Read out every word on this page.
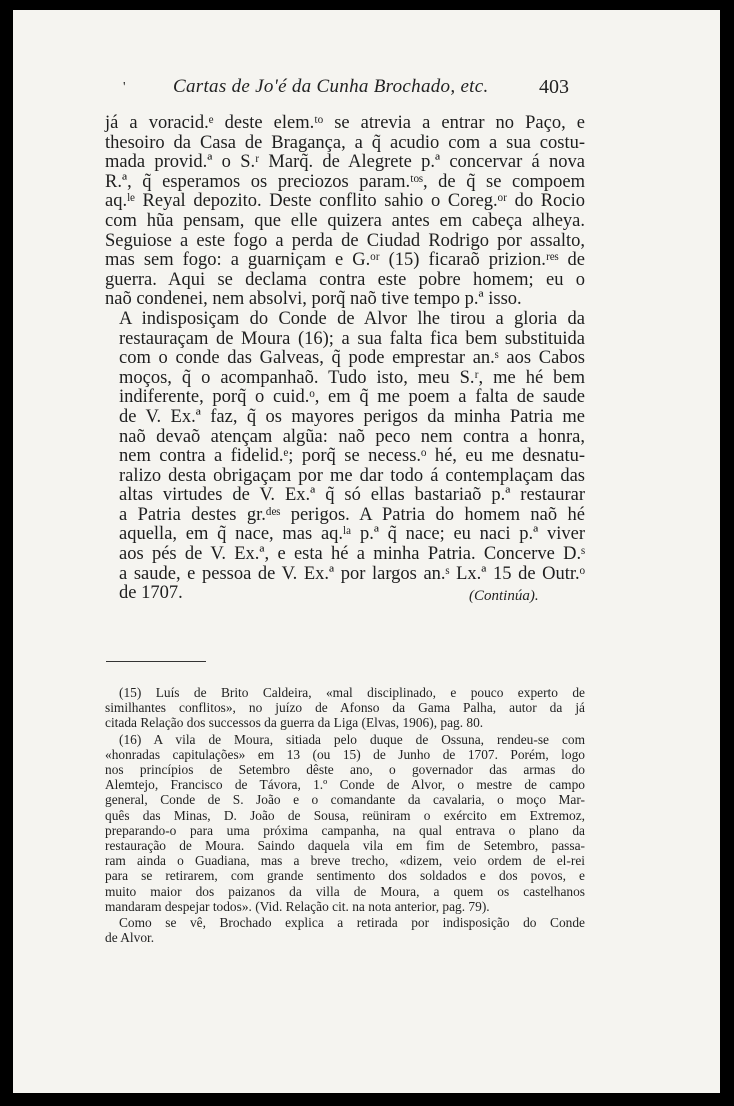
' Cartas de Jo'é da Cunha Brochado, etc.	403

já a voracid.ᵉ deste elem.ᵗᵒ se atrevia a entrar no Paço, e
thesoiro da Casa de Bragança, a q̃ acudio com a sua costu-
mada provid.ª o S.ʳ Marq̃. de Alegrete p.ª concervar á nova
R.ª, q̃ esperamos os preciozos param.ᵗᵒˢ, de q̃ se compoem
aq.ˡᵉ Reyal depozito. Deste conflito sahio o Coreg.ᵒʳ do Rocio
com hũa pensam, que elle quizera antes em cabeça alheya.
Seguiose a este fogo a perda de Ciudad Rodrigo por assalto,
mas sem fogo: a guarniçam e G.ᵒʳ (15) ficaraõ prizion.ʳᵉˢ de
guerra. Aqui se declama contra este pobre homem; eu o
naõ condenei, nem absolvi, porq̃ naõ tive tempo p.ª isso.

A indisposiçam do Conde de Alvor lhe tirou a gloria da
restauraçam de Moura (16); a sua falta fica bem substituida
com o conde das Galveas, q̃ pode emprestar an.ˢ aos Cabos
moços, q̃ o acompanhaõ. Tudo isto, meu S.ʳ, me hé bem
indiferente, porq̃ o cuid.ᵒ, em q̃ me poem a falta de saude
de V. Ex.ª faz, q̃ os mayores perigos da minha Patria me
naõ devaõ atençam algũa: naõ peco nem contra a honra,
nem contra a fidelid.ᵉ; porq̃ se necess.ᵒ hé, eu me desnatu-
ralizo desta obrigaçam por me dar todo á contemplaçam das
altas virtudes de V. Ex.ª q̃ só ellas bastariaõ p.ª restaurar
a Patria destes gr.ᵈᵉˢ perigos. A Patria do homem naõ hé
aquella, em q̃ nace, mas aq.ˡᵃ p.ª q̃ nace; eu naci p.ª viver
aos pés de V. Ex.ª, e esta hé a minha Patria. Concerve D.ˢ
a saude, e pessoa de V. Ex.ª por largos an.ˢ Lx.ª 15 de Outr.ᵒ
de 1707.	(Continúa).

(15) Luís de Brito Caldeira, «mal disciplinado, e pouco experto de
similhantes conflitos», no juízo de Afonso da Gama Palha, autor da já
citada Relação dos successos da guerra da Liga (Elvas, 1906), pag. 80.

(16) A vila de Moura, sitiada pelo duque de Ossuna, rendeu-se com
«honradas capitulações» em 13 (ou 15) de Junho de 1707. Porém, logo
nos princípios de Setembro dêste ano, o governador das armas do
Alemtejo, Francisco de Távora, 1.º Conde de Alvor, o mestre de campo
general, Conde de S. João e o comandante da cavalaria, o moço Mar-
quês das Minas, D. João de Sousa, reüniram o exército em Extremoz,
preparando-o para uma próxima campanha, na qual entrava o plano da
restauração de Moura. Saindo daquela vila em fim de Setembro, passa-
ram ainda o Guadiana, mas a breve trecho, «dizem, veio ordem de el-rei
para se retirarem, com grande sentimento dos soldados e dos povos, e
muito maior dos paizanos da villa de Moura, a quem os castelhanos
mandaram despejar todos». (Vid. Relação cit. na nota anterior, pag. 79).

Como se vê, Brochado explica a retirada por indisposição do Conde
de Alvor.
